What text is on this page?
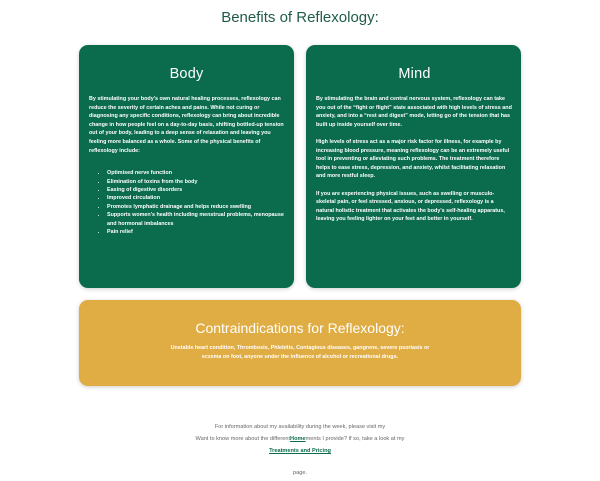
Benefits of Reflexology:
Body

By stimulating your body’s own natural healing processes, reflexology can reduce the severity of certain aches and pains. While not curing or diagnosing any specific conditions, reflexology can bring about incredible change in how people feel on a day-to-day basis, shifting bottled-up tension out of your body, leading to a deep sense of relaxation and leaving you feeling more balanced as a whole. Some of the physical benefits of reflexology include:

• Optimised nerve function
• Elimination of toxins from the body
• Easing of digestive disorders
• Improved circulation
• Promotes lymphatic drainage and helps reduce swelling
• Supports women’s health including menstrual problems, menopause and hormonal imbalances
• Pain relief
Mind

By stimulating the brain and central nervous system, reflexology can take you out of the “fight or flight” state associated with high levels of stress and anxiety, and into a “rest and digest” mode, letting go of the tension that has built up inside yourself over time.

High levels of stress act as a major risk factor for illness, for example by increasing blood pressure, meaning reflexology can be an extremely useful tool in preventing or alleviating such problems. The treatment therefore helps to ease stress, depression, and anxiety, whilst facilitating relaxation and more restful sleep.

If you are experiencing physical issues, such as swelling or musculo-skeletal pain, or feel stressed, anxious, or depressed, reflexology is a natural holistic treatment that activates the body’s self-healing apparatus, leaving you feeling lighter on your feet and better in yourself.

Contraindications for Reflexology:

Unstable heart condition, Thrombosis, Phlebitis, Contagious diseases, gangrene, severe psoriasis or eczema on foot, anyone under the influence of alcohol or recreational drugs.

For information about my availability during the week, please visit my
Want to know more about the differentHomements I provide? If so, take a look at my
Treatments and Pricing
page.
